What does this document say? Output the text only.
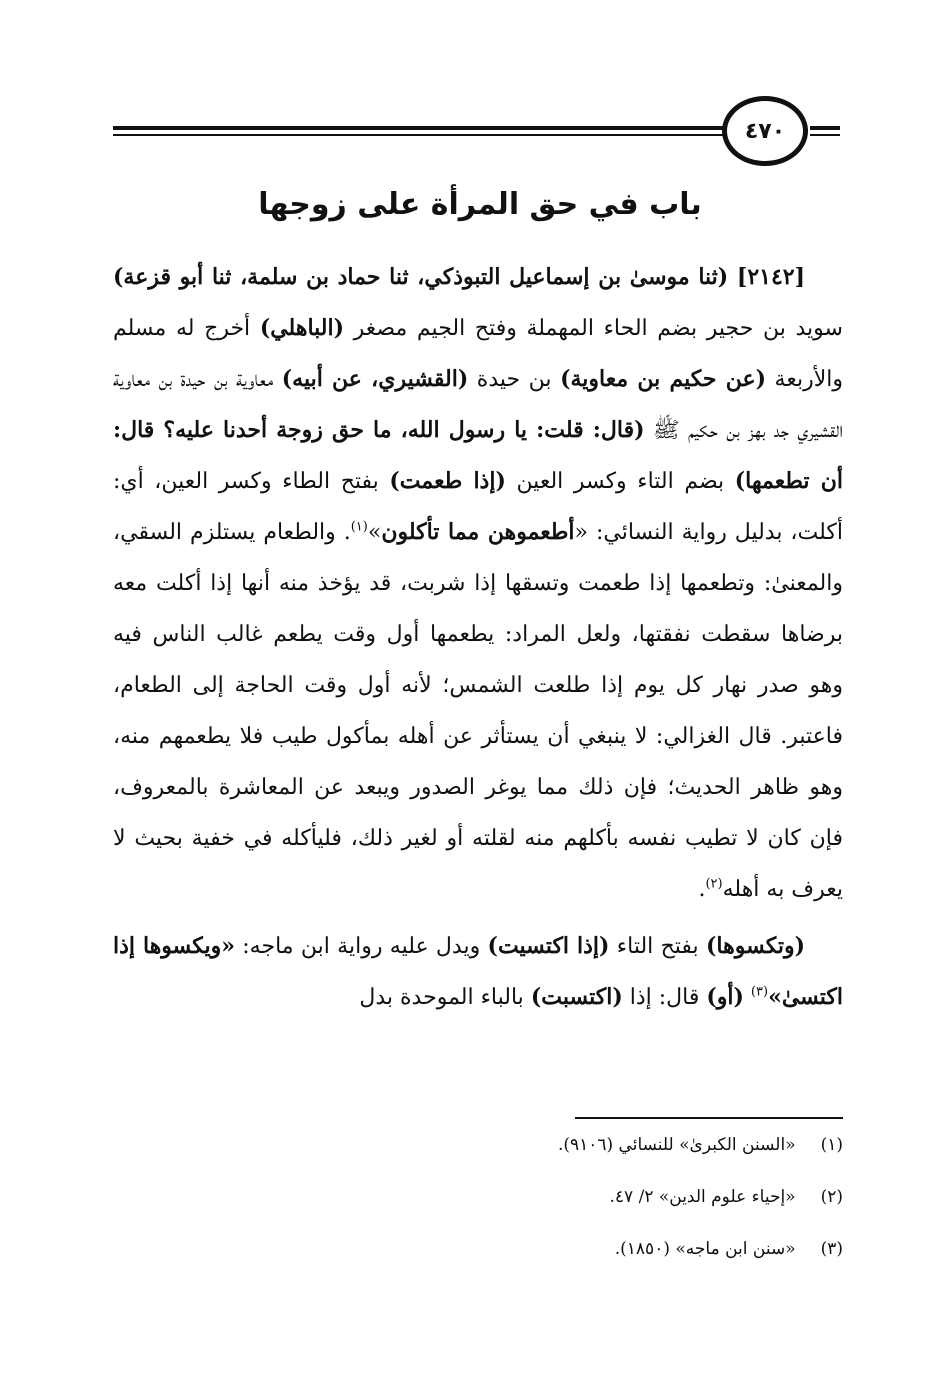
٤٧٠
باب في حق المرأة على زوجها

[٢١٤٢] (ثنا موسىٰ بن إسماعيل التبوذكي، ثنا حماد بن سلمة، ثنا أبو قزعة) سويد بن حجير بضم الحاء المهملة وفتح الجيم مصغر (الباهلي) أخرج له مسلم والأربعة (عن حكيم بن معاوية) بن حيدة (القشيري، عن أبيه) معاوية بن حيدة بن معاوية القشيري جد بهز بن حكيم ﷺ (قال: قلت: يا رسول الله، ما حق زوجة أحدنا عليه؟ قال: أن تطعمها) بضم التاء وكسر العين (إذا طعمت) بفتح الطاء وكسر العين، أي: أكلت، بدليل رواية النسائي: «أطعموهن مما تأكلون»$^{(١)}$. والطعام يستلزم السقي، والمعنىٰ: وتطعمها إذا طعمت وتسقها إذا شربت، قد يؤخذ منه أنها إذا أكلت معه برضاها سقطت نفقتها، ولعل المراد: يطعمها أول وقت يطعم غالب الناس فيه وهو صدر نهار كل يوم إذا طلعت الشمس؛ لأنه أول وقت الحاجة إلى الطعام، فاعتبر. قال الغزالي: لا ينبغي أن يستأثر عن أهله بمأكول طيب فلا يطعمهم منه، وهو ظاهر الحديث؛ فإن ذلك مما يوغر الصدور ويبعد عن المعاشرة بالمعروف، فإن كان لا تطيب نفسه بأكلهم منه لقلته أو لغير ذلك، فليأكله في خفية بحيث لا يعرف به أهله$^{(٢)}$.

(وتكسوها) بفتح التاء (إذا اكتسيت) ويدل عليه رواية ابن ماجه: «ويكسوها إذا اكتسىٰ»$^{(٣)}$ (أو) قال: إذا (اكتسبت) بالباء الموحدة بدل

(١) «السنن الكبرىٰ» للنسائي (٩١٠٦).
(٢) «إحياء علوم الدين» ٢/ ٤٧.
(٣) «سنن ابن ماجه» (١٨٥٠).
